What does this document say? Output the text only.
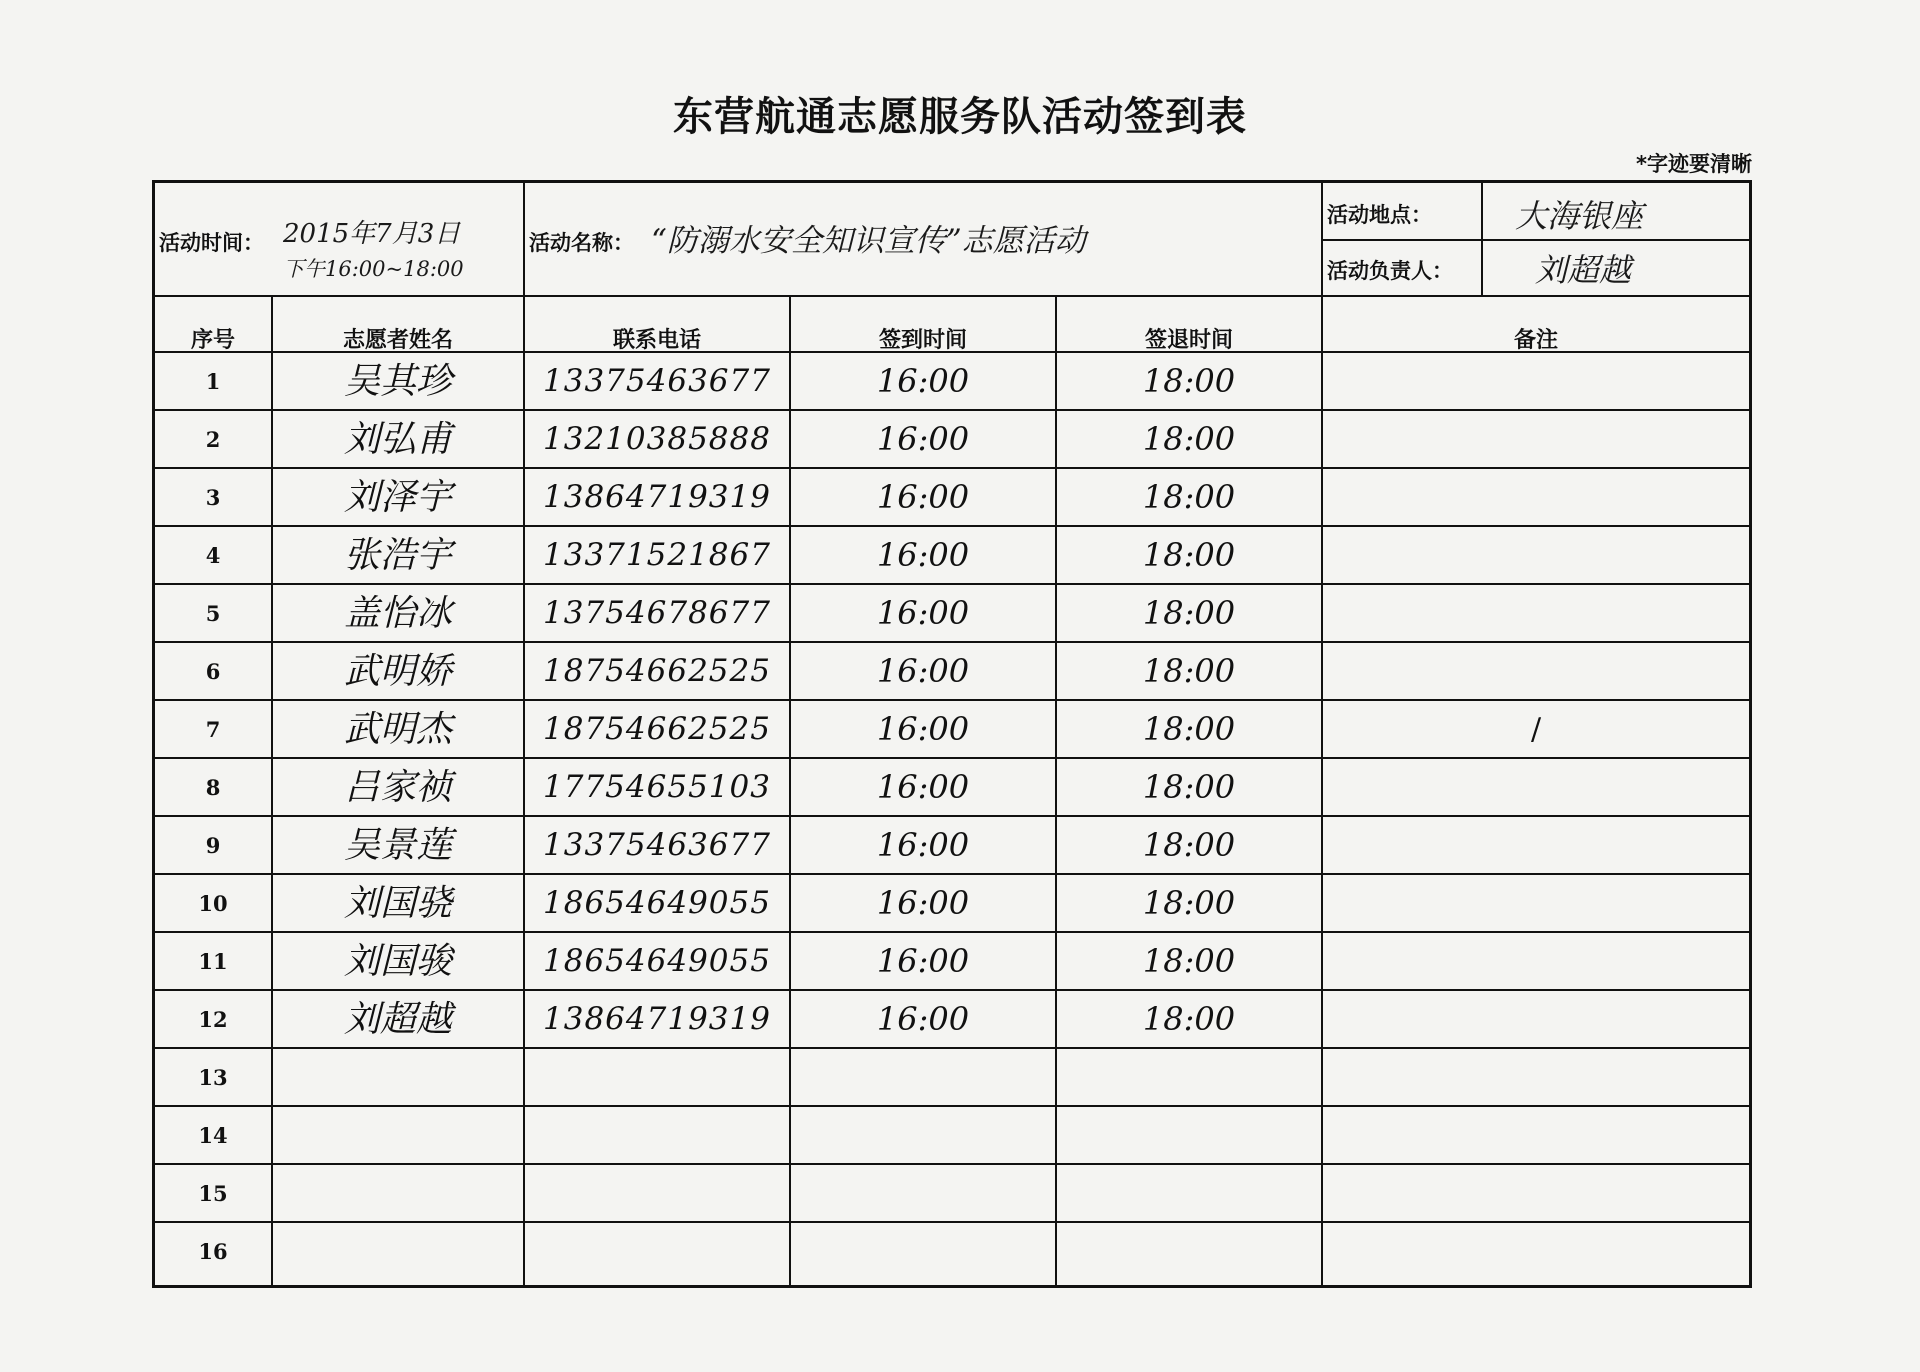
东营航通志愿服务队活动签到表
*字迹要清晰
活动时间： 2015年7月3日
下午16:00~18:00
活动名称： “防溺水安全知识宣传”志愿活动
活动地点：	大海银座
活动负责人：	刘超越
序号	志愿者姓名	联系电话	签到时间	签退时间	备注
1	吴其珍	13375463677	16:00	18:00
2	刘弘甫	13210385888	16:00	18:00
3	刘泽宇	13864719319	16:00	18:00
4	张浩宇	13371521867	16:00	18:00
5	盖怡冰	13754678677	16:00	18:00
6	武明娇	18754662525	16:00	18:00
7	武明杰	18754662525	16:00	18:00	/
8	吕家祯	17754655103	16:00	18:00
9	吴景莲	13375463677	16:00	18:00
10	刘国骁	18654649055	16:00	18:00
11	刘国骏	18654649055	16:00	18:00
12	刘超越	13864719319	16:00	18:00
13
14
15
16
